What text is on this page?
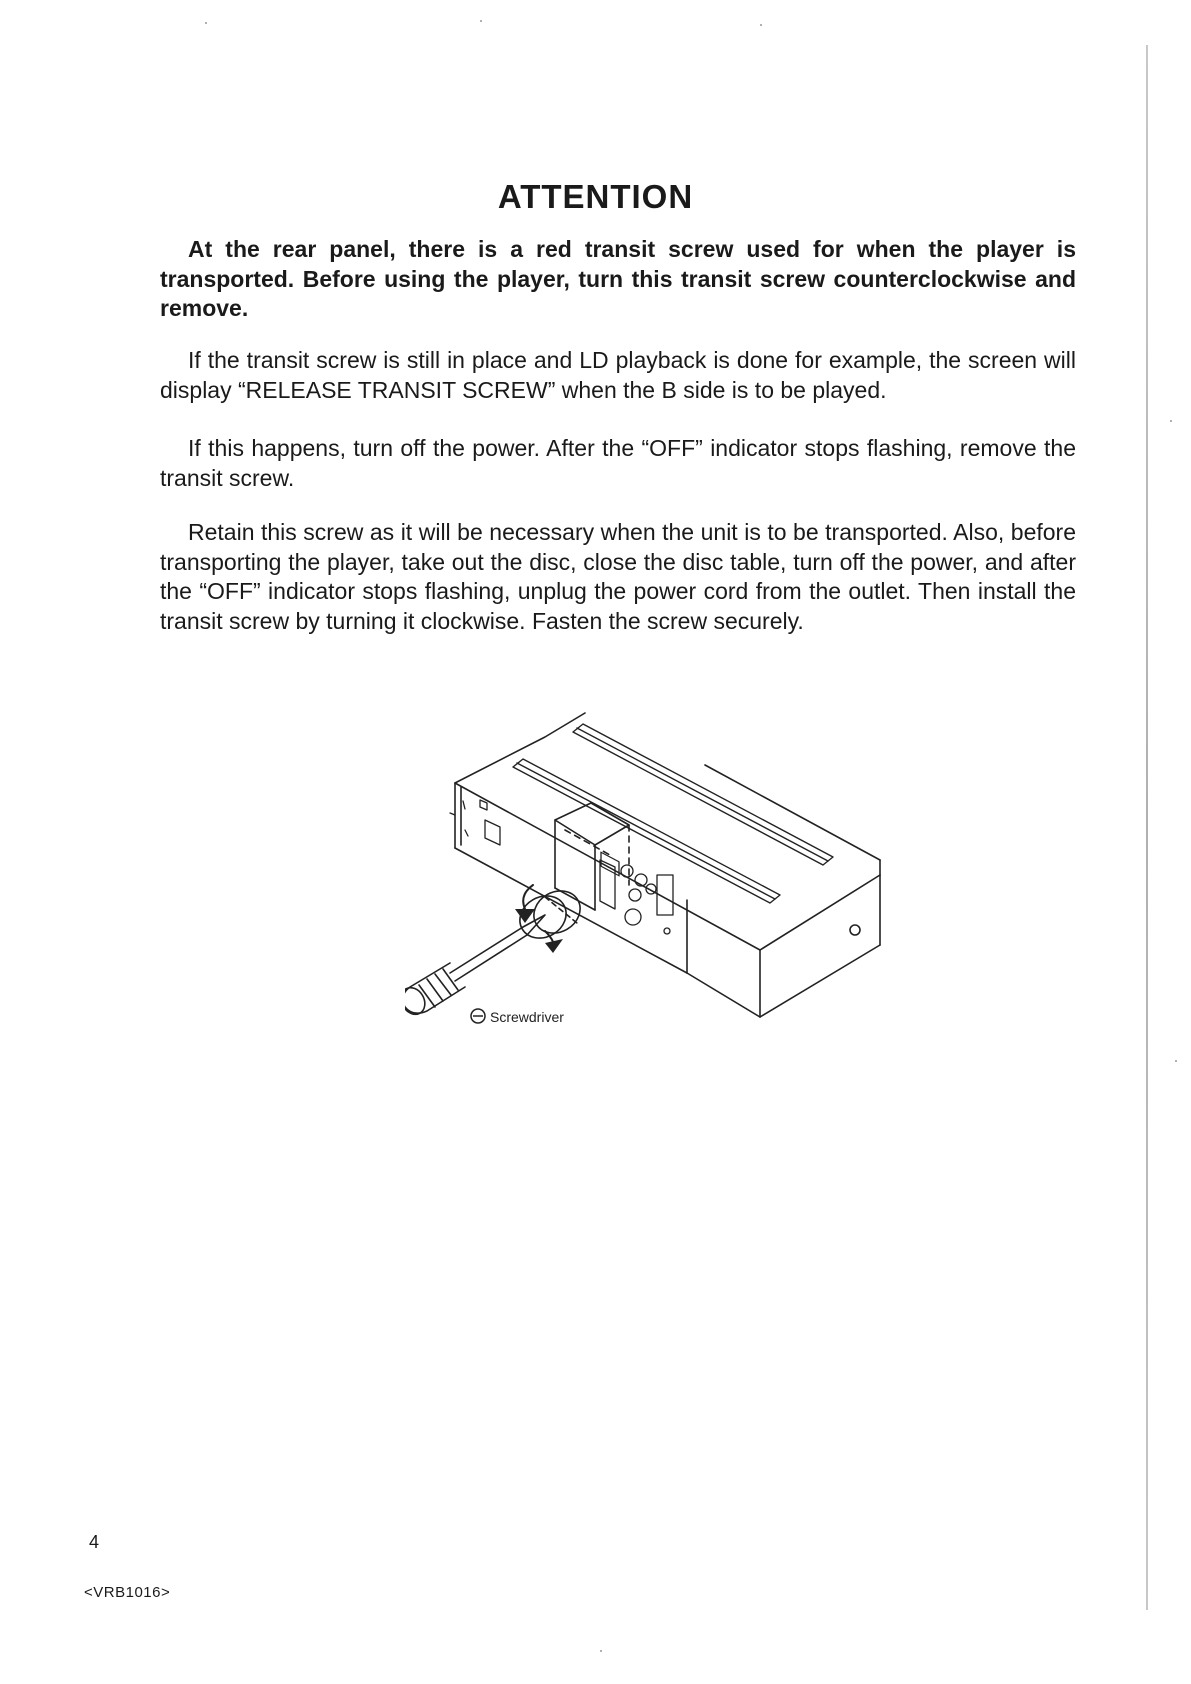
ATTENTION

At the rear panel, there is a red transit screw used for when the player is transported. Before using the player, turn this transit screw counterclockwise and remove.

If the transit screw is still in place and LD playback is done for example, the screen will display “RELEASE TRANSIT SCREW” when the B side is to be played.

If this happens, turn off the power. After the “OFF” indicator stops flashing, remove the transit screw.

Retain this screw as it will be necessary when the unit is to be transported. Also, before transporting the player, take out the disc, close the disc table, turn off the power, and after the “OFF” indicator stops flashing, unplug the power cord from the outlet. Then install the transit screw by turning it clockwise. Fasten the screw securely.

Screwdriver
4
<VRB1016>
